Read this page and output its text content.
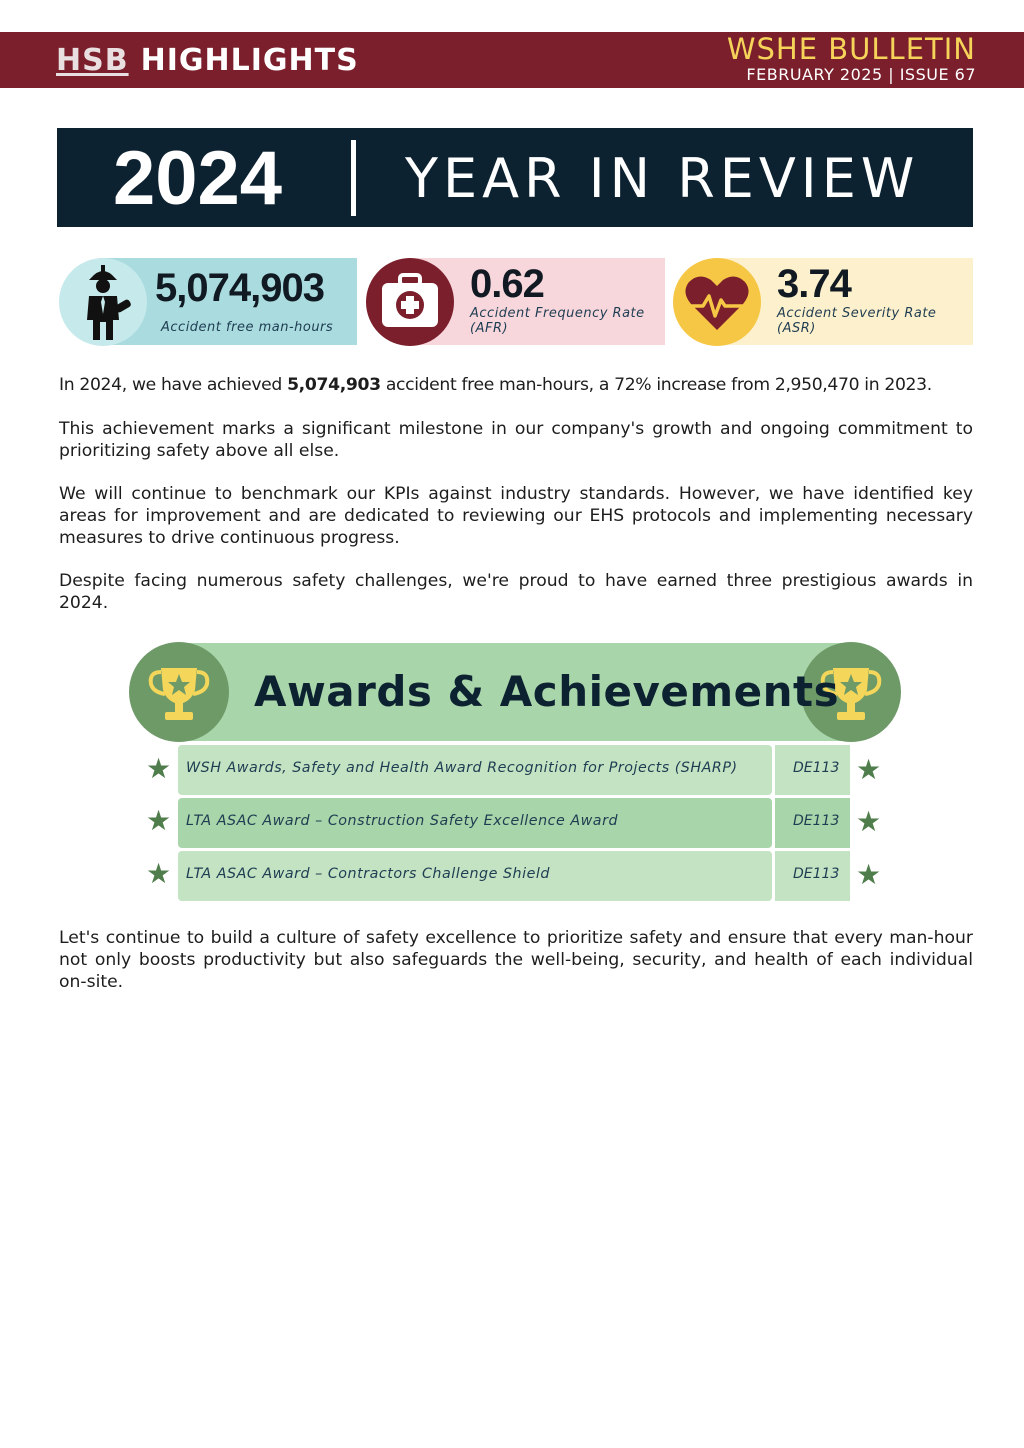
HSB HIGHLIGHTS	WSHE BULLETIN
FEBRUARY 2025 | ISSUE 67
2024 YEAR IN REVIEW
5,074,903
Accident free man-hours
0.62
Accident Frequency Rate
(AFR)
3.74
Accident Severity Rate
(ASR)

In 2024, we have achieved 5,074,903 accident free man-hours, a 72% increase from 2,950,470 in 2023.

This achievement marks a significant milestone in our company's growth and ongoing commitment to prioritizing safety above all else.

We will continue to benchmark our KPIs against industry standards. However, we have identified key areas for improvement and are dedicated to reviewing our EHS protocols and implementing necessary measures to drive continuous progress.

Despite facing numerous safety challenges, we're proud to have earned three prestigious awards in 2024.

Awards & Achievements
★ WSH Awards, Safety and Health Award Recognition for Projects (SHARP)	DE113 ★
★ LTA ASAC Award – Construction Safety Excellence Award	DE113 ★
★ LTA ASAC Award – Contractors Challenge Shield	DE113 ★

Let's continue to build a culture of safety excellence to prioritize safety and ensure that every man-hour not only boosts productivity but also safeguards the well-being, security, and health of each individual on-site.
